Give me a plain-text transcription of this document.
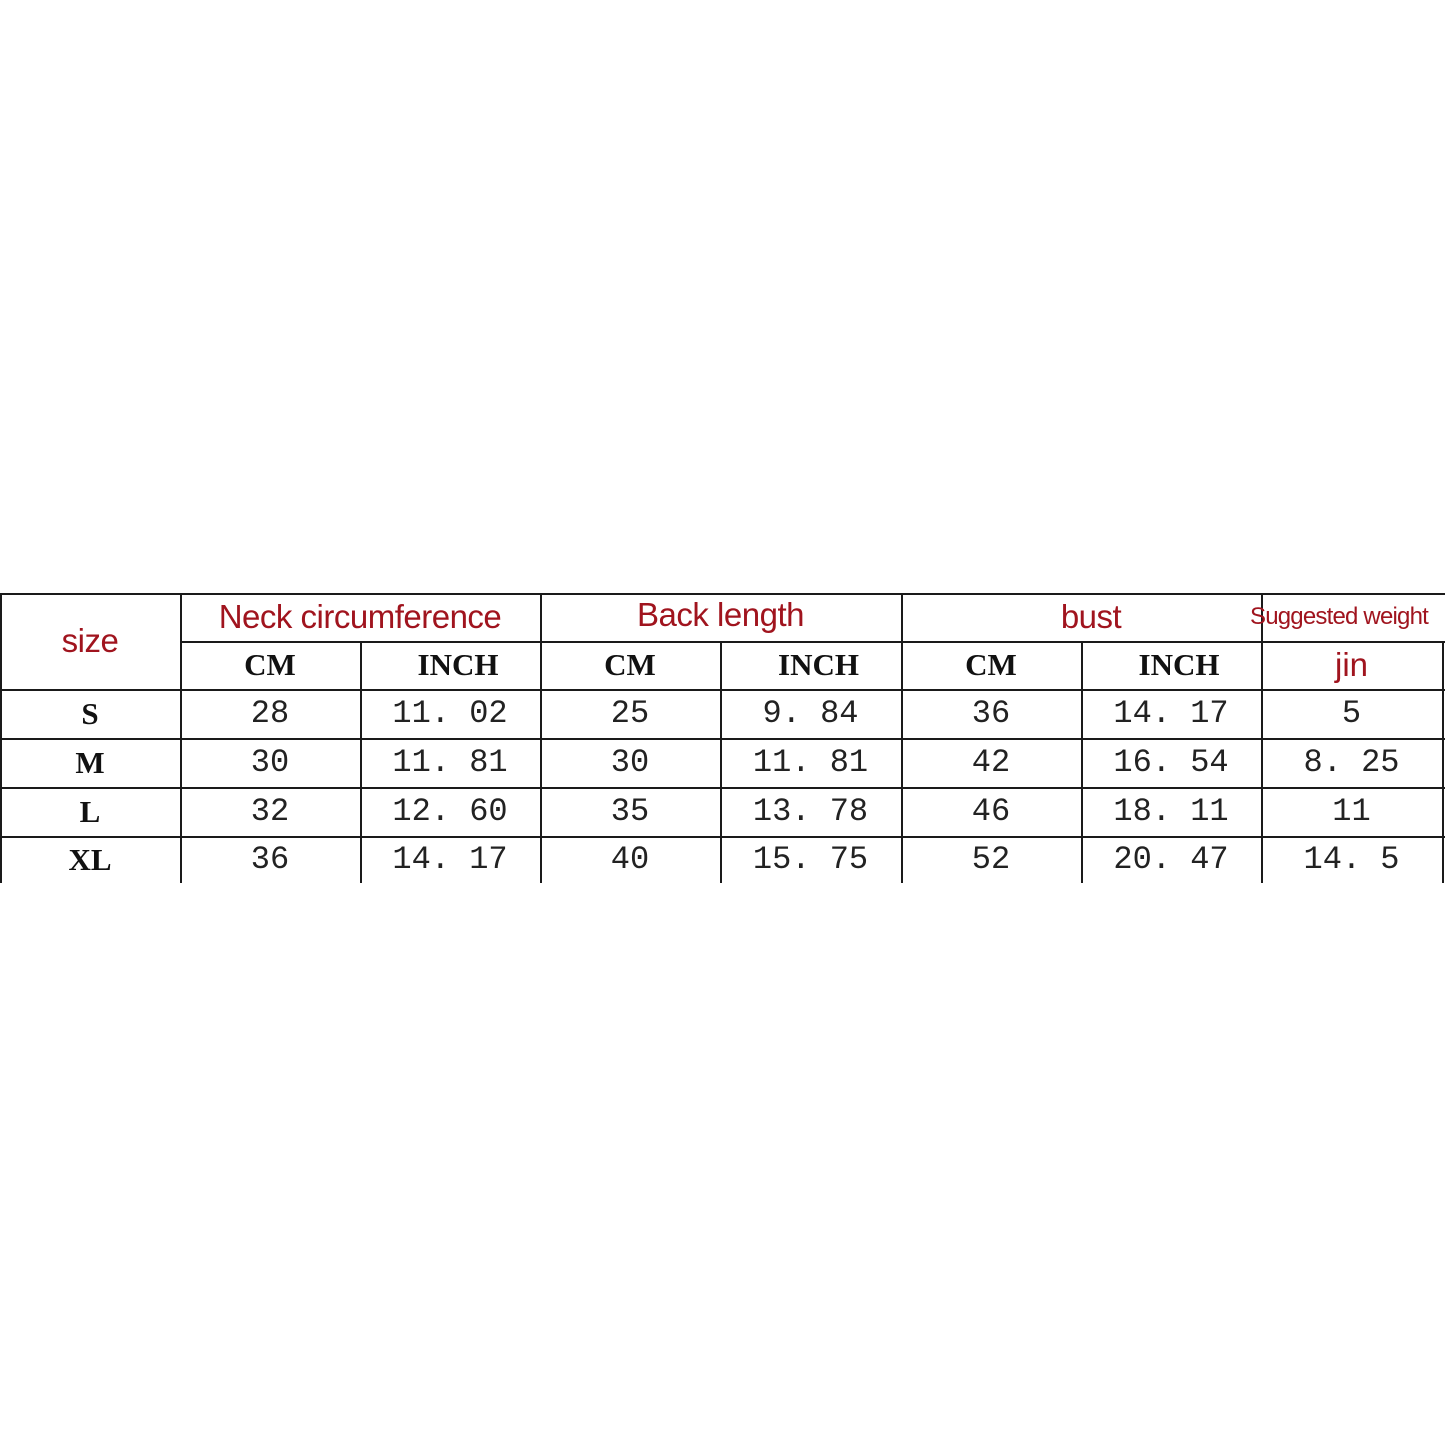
size
Neck circumference	Back length	bust	Suggested weight
CM	INCH	CM	INCH	CM	INCH	jin
S	28	11. 02	25	9. 84	36	14. 17	5
M	30	11. 81	30	11. 81	42	16. 54	8. 25
L	32	12. 60	35	13. 78	46	18. 11	11
XL	36	14. 17	40	15. 75	52	20. 47	14. 5
